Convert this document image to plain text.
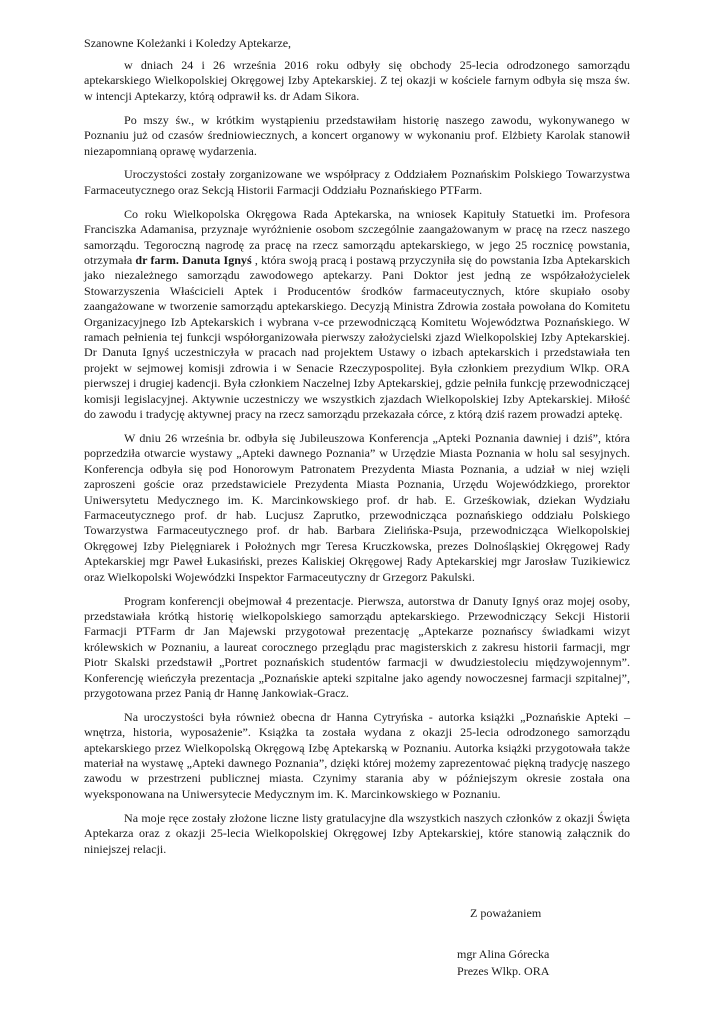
Szanowne Koleżanki i Koledzy Aptekarze,

w dniach 24 i 26 września 2016 roku odbyły się obchody 25-lecia odrodzonego samorządu aptekarskiego Wielkopolskiej Okręgowej Izby Aptekarskiej. Z tej okazji w kościele farnym odbyła się msza św. w intencji Aptekarzy, którą odprawił ks. dr Adam Sikora.

Po mszy św., w krótkim wystąpieniu przedstawiłam historię naszego zawodu, wykonywanego w Poznaniu już od czasów średniowiecznych, a koncert organowy w wykonaniu prof. Elżbiety Karolak stanowił niezapomnianą oprawę wydarzenia.

Uroczystości zostały zorganizowane we współpracy z Oddziałem Poznańskim Polskiego Towarzystwa Farmaceutycznego oraz Sekcją Historii Farmacji Oddziału Poznańskiego PTFarm.

Co roku Wielkopolska Okręgowa Rada Aptekarska, na wniosek Kapituły Statuetki im. Profesora Franciszka Adamanisa, przyznaje wyróżnienie osobom szczególnie zaangażowanym w pracę na rzecz naszego samorządu. Tegoroczną nagrodę za pracę na rzecz samorządu aptekarskiego, w jego 25 rocznicę powstania, otrzymała dr farm. Danuta Ignyś , która swoją pracą i postawą przyczyniła się do powstania Izba Aptekarskich jako niezależnego samorządu zawodowego aptekarzy. Pani Doktor jest jedną ze współzałożycielek Stowarzyszenia Właścicieli Aptek i Producentów środków farmaceutycznych, które skupiało osoby zaangażowane w tworzenie samorządu aptekarskiego. Decyzją Ministra Zdrowia została powołana do Komitetu Organizacyjnego Izb Aptekarskich i wybrana v-ce przewodniczącą Komitetu Województwa Poznańskiego. W ramach pełnienia tej funkcji współorganizowała pierwszy założycielski zjazd Wielkopolskiej Izby Aptekarskiej. Dr Danuta Ignyś uczestniczyła w pracach nad projektem Ustawy o izbach aptekarskich i przedstawiała ten projekt w sejmowej komisji zdrowia i w Senacie Rzeczypospolitej. Była członkiem prezydium Wlkp. ORA pierwszej i drugiej kadencji. Była członkiem Naczelnej Izby Aptekarskiej, gdzie pełniła funkcję przewodniczącej komisji legislacyjnej. Aktywnie uczestniczy we wszystkich zjazdach Wielkopolskiej Izby Aptekarskiej. Miłość do zawodu i tradycję aktywnej pracy na rzecz samorządu przekazała córce, z którą dziś razem prowadzi aptekę.

W dniu 26 września br. odbyła się Jubileuszowa Konferencja „Apteki Poznania dawniej i dziś”, która poprzedziła otwarcie wystawy „Apteki dawnego Poznania” w Urzędzie Miasta Poznania w holu sal sesyjnych. Konferencja odbyła się pod Honorowym Patronatem Prezydenta Miasta Poznania, a udział w niej wzięli zaproszeni goście oraz przedstawiciele Prezydenta Miasta Poznania, Urzędu Wojewódzkiego, prorektor Uniwersytetu Medycznego im. K. Marcinkowskiego prof. dr hab. E. Grześkowiak, dziekan Wydziału Farmaceutycznego prof. dr hab. Lucjusz Zaprutko, przewodnicząca poznańskiego oddziału Polskiego Towarzystwa Farmaceutycznego prof. dr hab. Barbara Zielińska-Psuja, przewodnicząca Wielkopolskiej Okręgowej Izby Pielęgniarek i Położnych mgr Teresa Kruczkowska, prezes Dolnośląskiej Okręgowej Rady Aptekarskiej mgr Paweł Łukasiński, prezes Kaliskiej Okręgowej Rady Aptekarskiej mgr Jarosław Tuzikiewicz oraz Wielkopolski Wojewódzki Inspektor Farmaceutyczny dr Grzegorz Pakulski.

Program konferencji obejmował 4 prezentacje. Pierwsza, autorstwa dr Danuty Ignyś oraz mojej osoby, przedstawiała krótką historię wielkopolskiego samorządu aptekarskiego. Przewodniczący Sekcji Historii Farmacji PTFarm dr Jan Majewski przygotował prezentację „Aptekarze poznańscy świadkami wizyt królewskich w Poznaniu, a laureat corocznego przeglądu prac magisterskich z zakresu historii farmacji, mgr Piotr Skalski przedstawił „Portret poznańskich studentów farmacji w dwudziestoleciu międzywojennym”. Konferencję wieńczyła prezentacja „Poznańskie apteki szpitalne jako agendy nowoczesnej farmacji szpitalnej”, przygotowana przez Panią dr Hannę Jankowiak-Gracz.

Na uroczystości była również obecna dr Hanna Cytryńska - autorka książki „Poznańskie Apteki – wnętrza, historia, wyposażenie”. Książka ta została wydana z okazji 25-lecia odrodzonego samorządu aptekarskiego przez Wielkopolską Okręgową Izbę Aptekarską w Poznaniu. Autorka książki przygotowała także materiał na wystawę „Apteki dawnego Poznania”, dzięki której możemy zaprezentować piękną tradycję naszego zawodu w przestrzeni publicznej miasta. Czynimy starania aby w późniejszym okresie została ona wyeksponowana na Uniwersytecie Medycznym im. K. Marcinkowskiego w Poznaniu.

Na moje ręce zostały złożone liczne listy gratulacyjne dla wszystkich naszych członków z okazji Święta Aptekarza oraz z okazji 25-lecia Wielkopolskiej Okręgowej Izby Aptekarskiej, które stanowią załącznik do niniejszej relacji.

Z poważaniem

mgr Alina Górecka
Prezes Wlkp. ORA
